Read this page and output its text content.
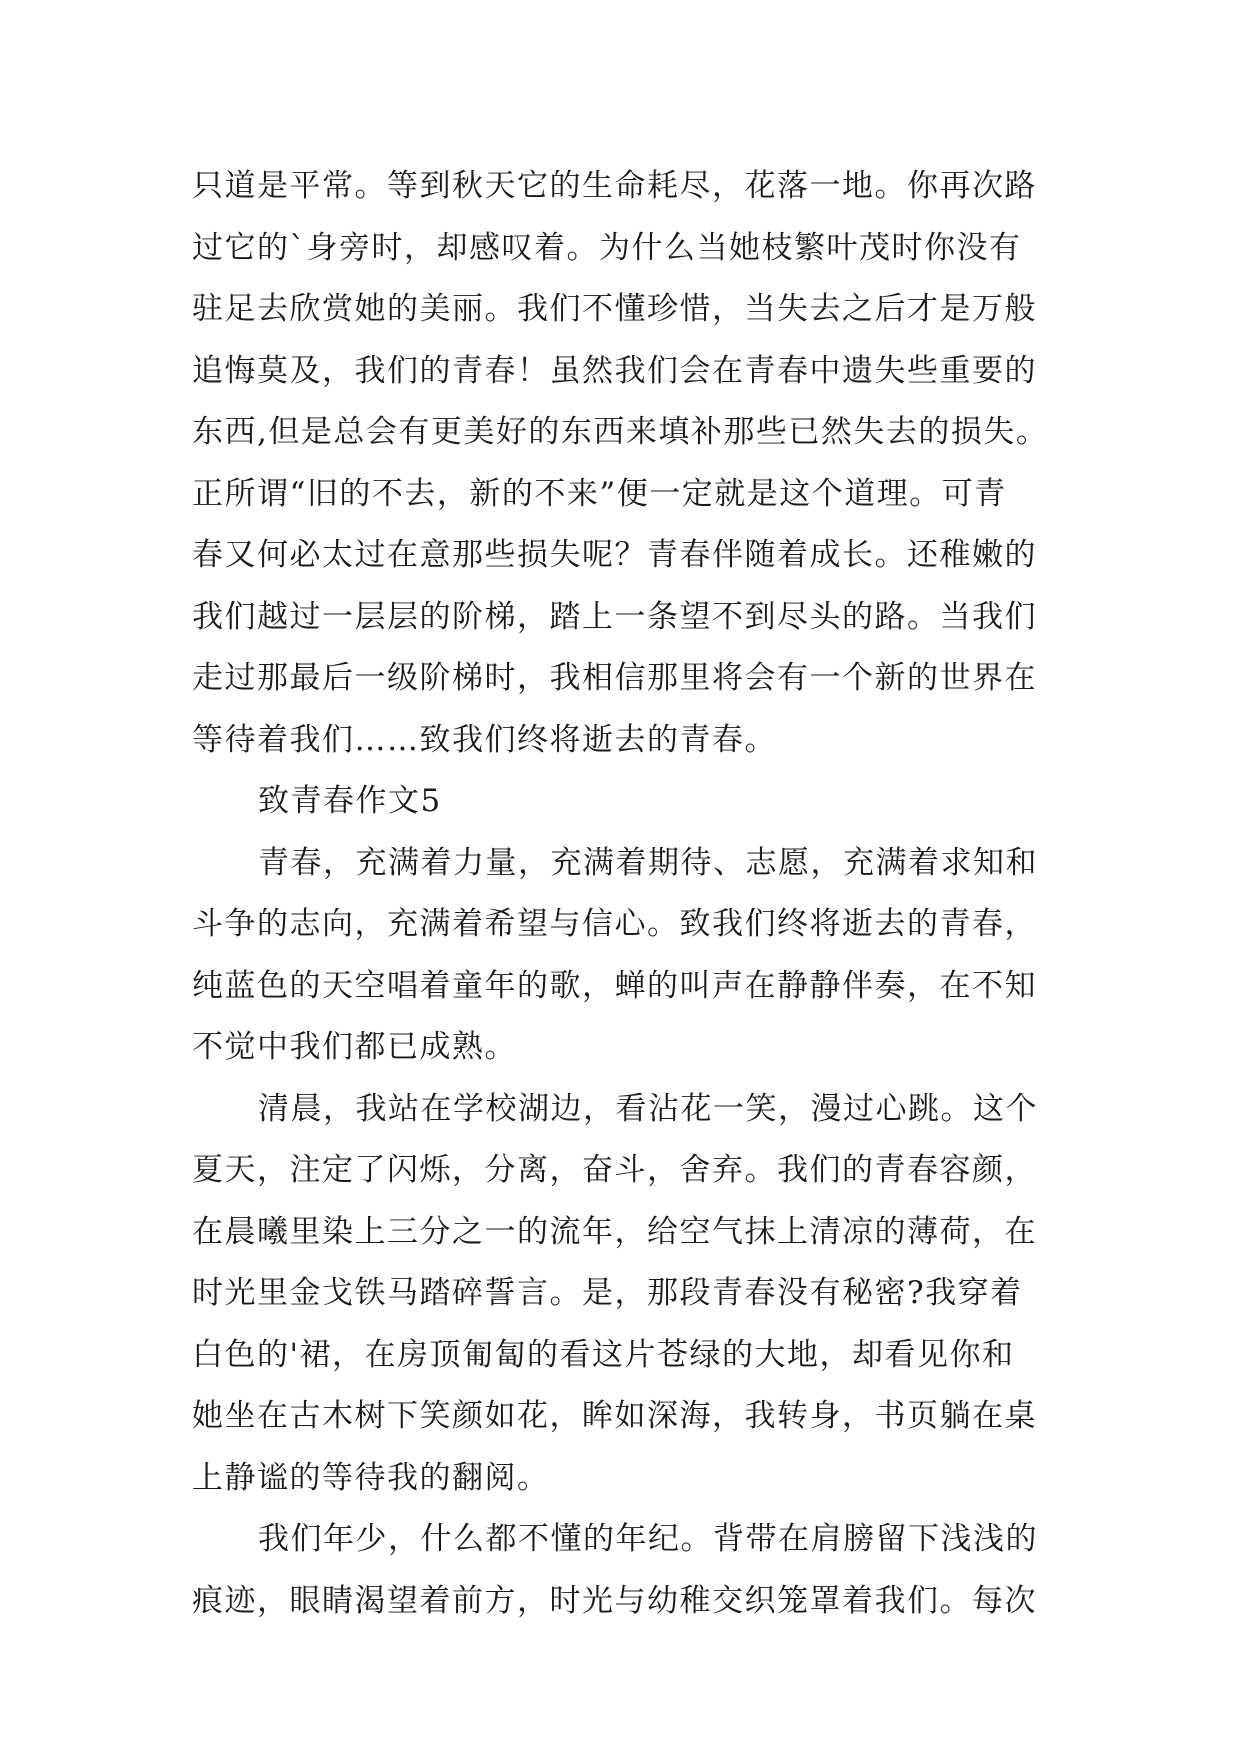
只道是平常。等到秋天它的生命耗尽，花落一地。你再次路
过它的`身旁时，却感叹着。为什么当她枝繁叶茂时你没有
驻足去欣赏她的美丽。我们不懂珍惜，当失去之后才是万般
追悔莫及，我们的青春！虽然我们会在青春中遗失些重要的
东西,但是总会有更美好的东西来填补那些已然失去的损失。
正所谓“旧的不去，新的不来”便一定就是这个道理。可青
春又何必太过在意那些损失呢？青春伴随着成长。还稚嫩的
我们越过一层层的阶梯，踏上一条望不到尽头的路。当我们
走过那最后一级阶梯时，我相信那里将会有一个新的世界在
等待着我们……致我们终将逝去的青春。
致青春作文5
青春，充满着力量，充满着期待、志愿，充满着求知和
斗争的志向，充满着希望与信心。致我们终将逝去的青春，
纯蓝色的天空唱着童年的歌，蝉的叫声在静静伴奏，在不知
不觉中我们都已成熟。
清晨，我站在学校湖边，看沾花一笑，漫过心跳。这个
夏天，注定了闪烁，分离，奋斗，舍弃。我们的青春容颜，
在晨曦里染上三分之一的流年，给空气抹上清凉的薄荷，在
时光里金戈铁马踏碎誓言。是，那段青春没有秘密?我穿着
白色的'裙，在房顶匍匐的看这片苍绿的大地，却看见你和
她坐在古木树下笑颜如花，眸如深海，我转身，书页躺在桌
上静谧的等待我的翻阅。
我们年少，什么都不懂的年纪。背带在肩膀留下浅浅的
痕迹，眼睛渴望着前方，时光与幼稚交织笼罩着我们。每次
